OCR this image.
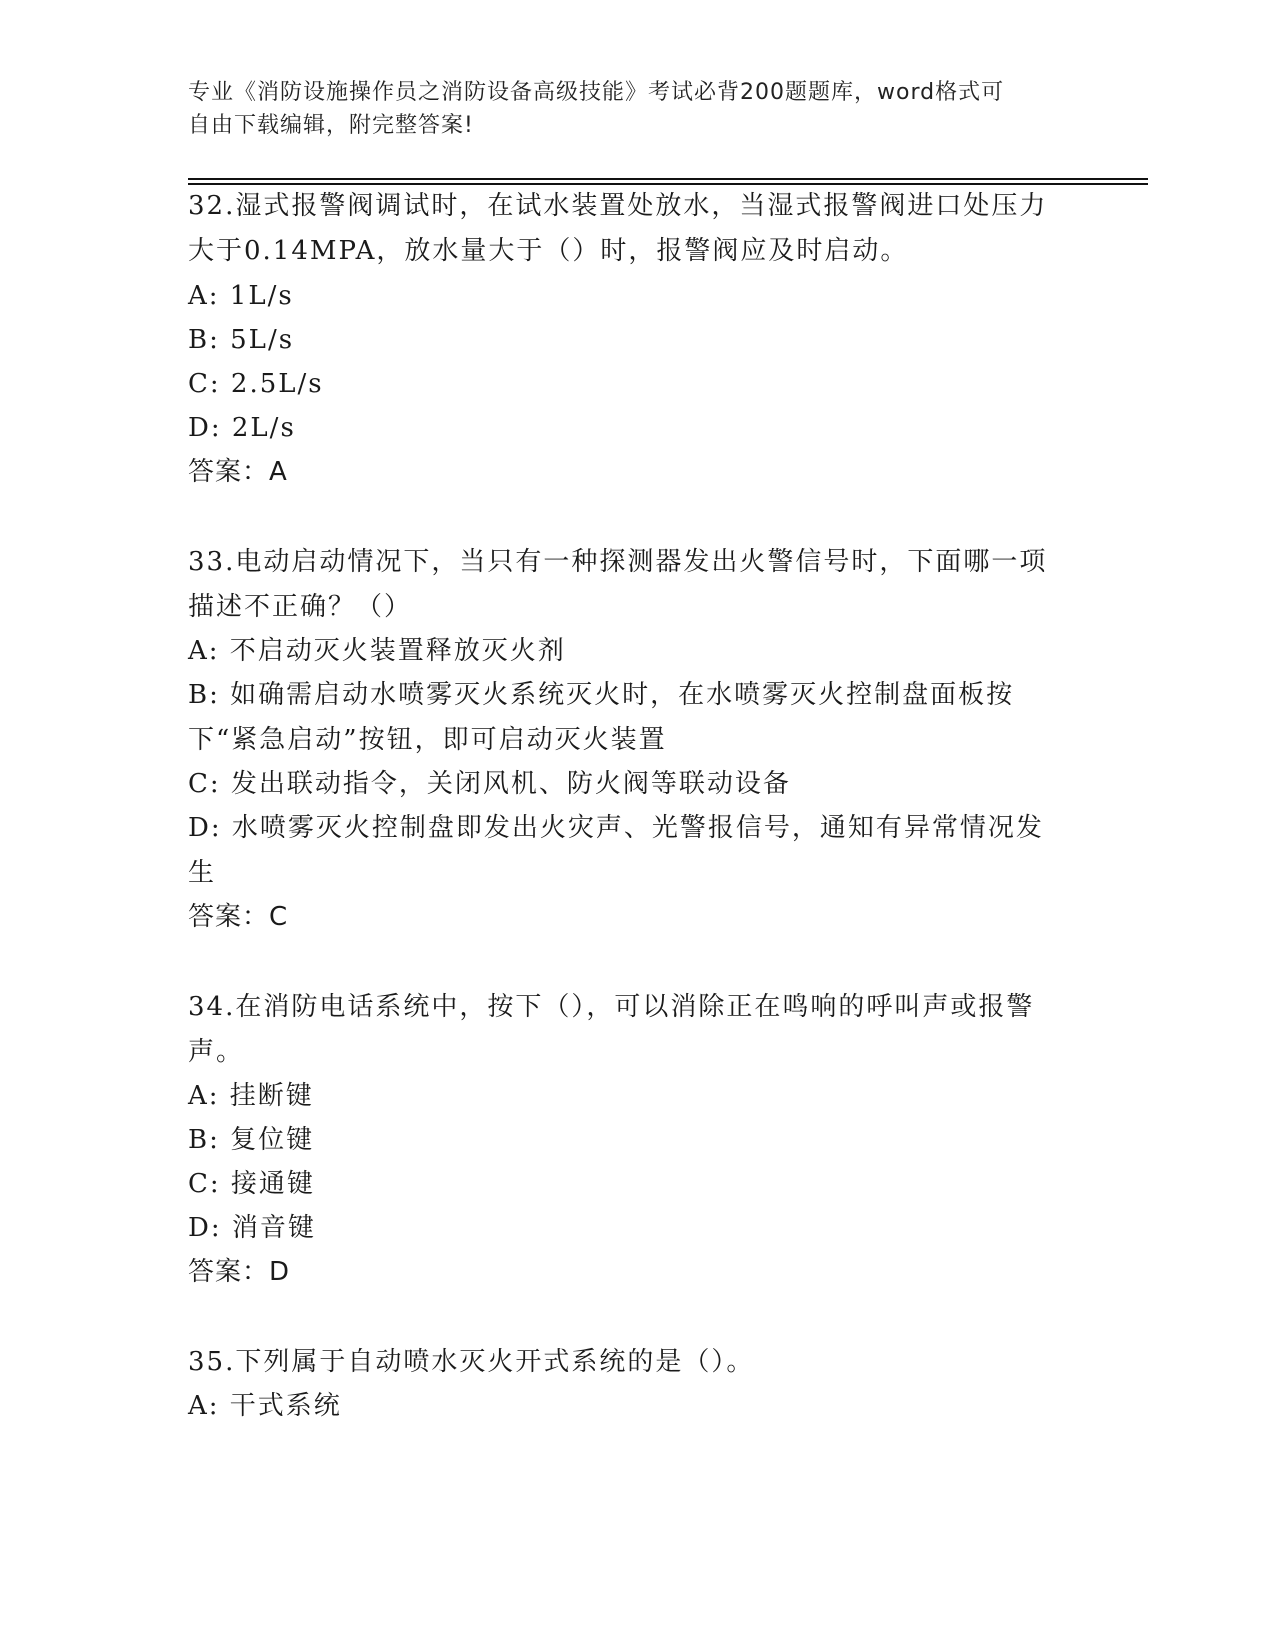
专业《消防设施操作员之消防设备高级技能》考试必背200题题库，word格式可
自由下载编辑，附完整答案!
32.湿式报警阀调试时，在试水装置处放水，当湿式报警阀进口处压力大于0.14MPA，放水量大于（）时，报警阀应及时启动。
A: 1L/s
B: 5L/s
C: 2.5L/s
D: 2L/s
答案：A
33.电动启动情况下，当只有一种探测器发出火警信号时，下面哪一项描述不正确？（）
A: 不启动灭火装置释放灭火剂
B: 如确需启动水喷雾灭火系统灭火时，在水喷雾灭火控制盘面板按下“紧急启动”按钮，即可启动灭火装置
C: 发出联动指令，关闭风机、防火阀等联动设备
D: 水喷雾灭火控制盘即发出火灾声、光警报信号，通知有异常情况发生
答案：C
34.在消防电话系统中，按下（），可以消除正在鸣响的呼叫声或报警声。
A: 挂断键
B: 复位键
C: 接通键
D: 消音键
答案：D
35.下列属于自动喷水灭火开式系统的是（）。
A: 干式系统
